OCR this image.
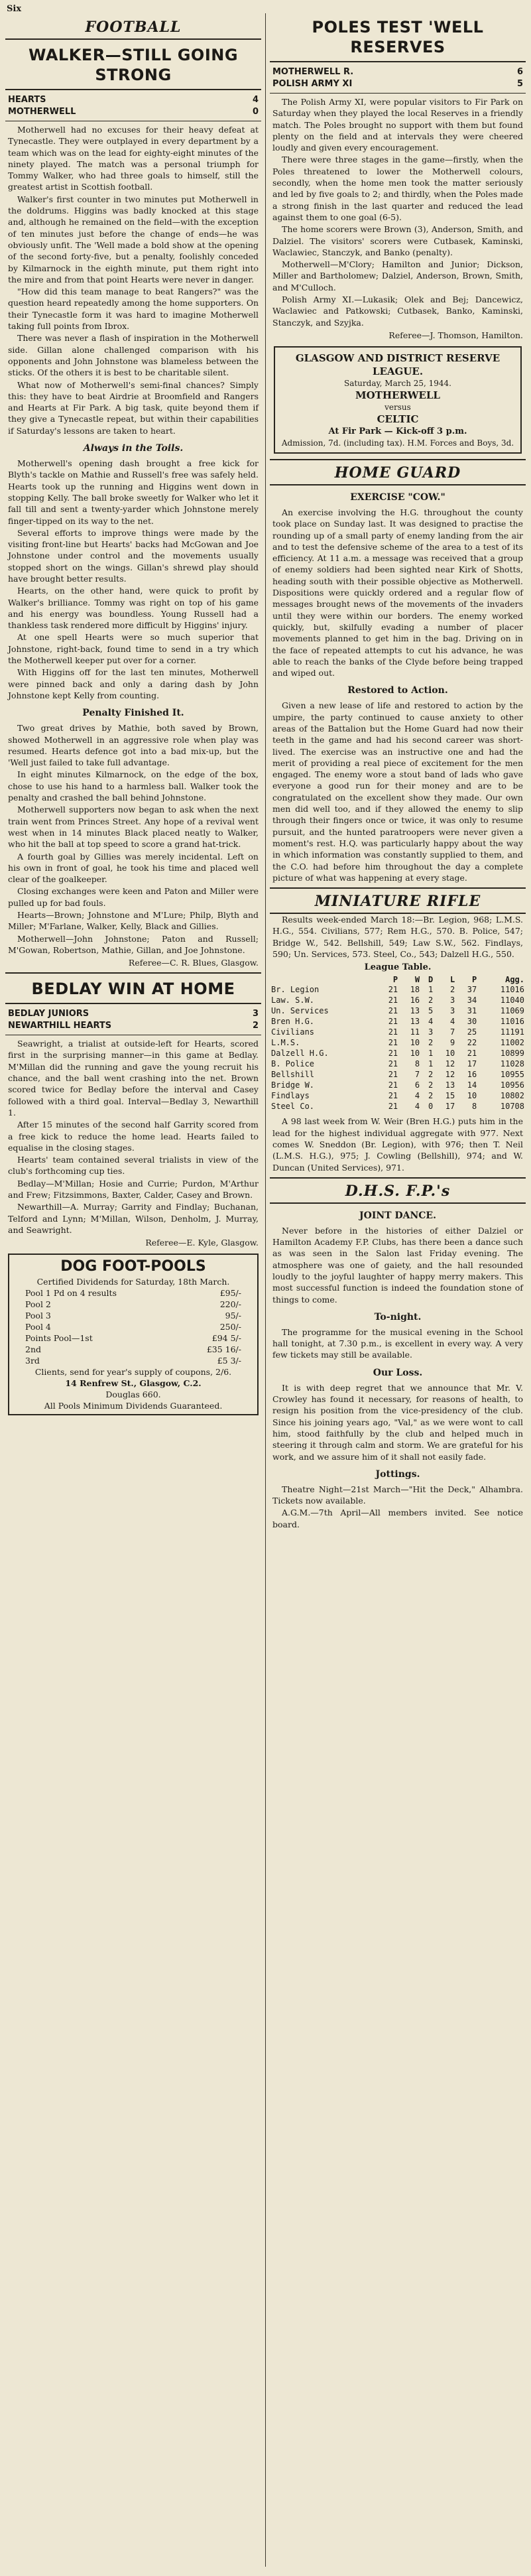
Six
FOOTBALL
WALKER—STILL GOING STRONG
HEARTS	4
MOTHERWELL	0

Motherwell had no excuses for their heavy defeat at Tynecastle. They were outplayed in every department by a team which was on the lead for eighty-eight minutes of the ninety played. The match was a personal triumph for Tommy Walker, who had three goals to himself, still the greatest artist in Scottish football.

Walker's first counter in two minutes put Motherwell in the doldrums. Higgins was badly knocked at this stage and, although he remained on the field—with the exception of ten minutes just before the change of ends—he was obviously unfit. The 'Well made a bold show at the opening of the second forty-five, but a penalty, foolishly conceded by Kilmarnock in the eighth minute, put them right into the mire and from that point Hearts were never in danger.

"How did this team manage to beat Rangers?" was the question heard repeatedly among the home supporters. On their Tynecastle form it was hard to imagine Motherwell taking full points from Ibrox.

There was never a flash of inspiration in the Motherwell side. Gillan alone challenged comparison with his opponents and John Johnstone was blameless between the sticks. Of the others it is best to be charitable silent.

What now of Motherwell's semi-final chances? Simply this: they have to beat Airdrie at Broomfield and Rangers and Hearts at Fir Park. A big task, quite beyond them if they give a Tynecastle repeat, but within their capabilities if Saturday's lessons are taken to heart.

Always in the Toils.

Motherwell's opening dash brought a free kick for Blyth's tackle on Mathie and Russell's free was safely held. Hearts took up the running and Higgins went down in stopping Kelly. The ball broke sweetly for Walker who let it fall till and sent a twenty-yarder which Johnstone merely finger-tipped on its way to the net.

Several efforts to improve things were made by the visiting front-line but Hearts' backs had McGowan and Joe Johnstone under control and the movements usually stopped short on the wings. Gillan's shrewd play should have brought better results.

Hearts, on the other hand, were quick to profit by Walker's brilliance. Tommy was right on top of his game and his energy was boundless. Young Russell had a thankless task rendered more difficult by Higgins' injury.

At one spell Hearts were so much superior that Johnstone, right-back, found time to send in a try which the Motherwell keeper put over for a corner.

With Higgins off for the last ten minutes, Motherwell were pinned back and only a daring dash by John Johnstone kept Kelly from counting.

Penalty Finished It.

Two great drives by Mathie, both saved by Brown, showed Motherwell in an aggressive role when play was resumed. Hearts defence got into a bad mix-up, but the 'Well just failed to take full advantage.

In eight minutes Kilmarnock, on the edge of the box, chose to use his hand to a harmless ball. Walker took the penalty and crashed the ball behind Johnstone.

Motherwell supporters now began to ask when the next train went from Princes Street. Any hope of a revival went west when in 14 minutes Black placed neatly to Walker, who hit the ball at top speed to score a grand hat-trick.

A fourth goal by Gillies was merely incidental. Left on his own in front of goal, he took his time and placed well clear of the goalkeeper.

Closing exchanges were keen and Paton and Miller were pulled up for bad fouls.

Hearts—Brown; Johnstone and M'Lure; Philp, Blyth and Miller; M'Farlane, Walker, Kelly, Black and Gillies.

Motherwell—John Johnstone; Paton and Russell; M'Gowan, Robertson, Mathie, Gillan, and Joe Johnstone.

Referee—C. R. Blues, Glasgow.
BEDLAY WIN AT HOME
BEDLAY JUNIORS	3
NEWARTHILL HEARTS	2

Seawright, a trialist at outside-left for Hearts, scored first in the surprising manner—in this game at Bedlay. M'Millan did the running and gave the young recruit his chance, and the ball went crashing into the net. Brown scored twice for Bedlay before the interval and Casey followed with a third goal. Interval—Bedlay 3, Newarthill 1.

After 15 minutes of the second half Garrity scored from a free kick to reduce the home lead. Hearts failed to equalise in the closing stages.

Hearts' team contained several trialists in view of the club's forthcoming cup ties.

Bedlay—M'Millan; Hosie and Currie; Purdon, M'Arthur and Frew; Fitzsimmons, Baxter, Calder, Casey and Brown.

Newarthill—A. Murray; Garrity and Findlay; Buchanan, Telford and Lynn; M'Millan, Wilson, Denholm, J. Murray, and Seawright.

Referee—E. Kyle, Glasgow.
DOG FOOT-POOLS
Certified Dividends for Saturday, 18th March.
Pool 1 Pd on 4 results	£95/-
Pool 2	220/-
Pool 3	95/-
Pool 4	250/-
Points Pool—1st	£94 5/-
2nd	£35 16/-
3rd	£5 3/-
Clients, send for year's supply of coupons, 2/6.
14 Renfrew St., Glasgow, C.2.
Douglas 660.
All Pools Minimum Dividends Guaranteed.
POLES TEST 'WELL RESERVES
MOTHERWELL R.	6
POLISH ARMY XI	5

The Polish Army XI, were popular visitors to Fir Park on Saturday when they played the local Reserves in a friendly match. The Poles brought no support with them but found plenty on the field and at intervals they were cheered loudly and given every encouragement.

There were three stages in the game—firstly, when the Poles threatened to lower the Motherwell colours, secondly, when the home men took the matter seriously and led by five goals to 2; and thirdly, when the Poles made a strong finish in the last quarter and reduced the lead against them to one goal (6-5).

The home scorers were Brown (3), Anderson, Smith, and Dalziel. The visitors' scorers were Cutbasek, Kaminski, Waclawiec, Stanczyk, and Banko (penalty).

Motherwell—M'Clory; Hamilton and Junior; Dickson, Miller and Bartholomew; Dalziel, Anderson, Brown, Smith, and M'Culloch.

Polish Army XI.—Lukasik; Olek and Bej; Dancewicz, Waclawiec and Patkowski; Cutbasek, Banko, Kaminski, Stanczyk, and Szyjka.

Referee—J. Thomson, Hamilton.
GLASGOW AND DISTRICT RESERVE LEAGUE.
Saturday, March 25, 1944.
MOTHERWELL
versus
CELTIC
At Fir Park — Kick-off 3 p.m.
Admission, 7d. (including tax). H.M. Forces and Boys, 3d.
HOME GUARD
EXERCISE "COW."

An exercise involving the H.G. throughout the county took place on Sunday last. It was designed to practise the rounding up of a small party of enemy landing from the air and to test the defensive scheme of the area to a test of its efficiency. At 11 a.m. a message was received that a group of enemy soldiers had been sighted near Kirk of Shotts, heading south with their possible objective as Motherwell. Dispositions were quickly ordered and a regular flow of messages brought news of the movements of the invaders until they were within our borders. The enemy worked quickly, but, skilfully evading a number of placer movements planned to get him in the bag. Driving on in the face of repeated attempts to cut his advance, he was able to reach the banks of the Clyde before being trapped and wiped out.

Restored to Action.

Given a new lease of life and restored to action by the umpire, the party continued to cause anxiety to other areas of the Battalion but the Home Guard had now their teeth in the game and had his second career was short-lived. The exercise was an instructive one and had the merit of providing a real piece of excitement for the men engaged. The enemy wore a stout band of lads who gave everyone a good run for their money and are to be congratulated on the excellent show they made. Our own men did well too, and if they allowed the enemy to slip through their fingers once or twice, it was only to resume pursuit, and the hunted paratroopers were never given a moment's rest. H.Q. was particularly happy about the way in which information was constantly supplied to them, and the C.O. had before him throughout the day a complete picture of what was happening at every stage.

MINIATURE RIFLE

Results week-ended March 18:—Br. Legion, 968; L.M.S. H.G., 554. Civilians, 577; Rem H.G., 570. B. Police, 547; Bridge W., 542. Bellshill, 549; Law S.W., 562. Findlays, 590; Un. Services, 573. Steel, Co., 543; Dalzell H.G., 550.

League Table.
	P	W	D	L	P	Agg.
Br. Legion	21	18	1	2	37	11016
Law. S.W.	21	16	2	3	34	11040
Un. Services	21	13	5	3	31	11069
Bren H.G.	21	13	4	4	30	11016
Civilians	21	11	3	7	25	11191
L.M.S.	21	10	2	9	22	11002
Dalzell H.G.	21	10	1	10	21	10899
B. Police	21	8	1	12	17	11028
Bellshill	21	7	2	12	16	10955
Bridge W.	21	6	2	13	14	10956
Findlays	21	4	2	15	10	10802
Steel Co.	21	4	0	17	8	10708

A 98 last week from W. Weir (Bren H.G.) puts him in the lead for the highest individual aggregate with 977. Next comes W. Sneddon (Br. Legion), with 976; then T. Neil (L.M.S. H.G.), 975; J. Cowling (Bellshill), 974; and W. Duncan (United Services), 971.

D.H.S. F.P.'s
JOINT DANCE.

Never before in the histories of either Dalziel or Hamilton Academy F.P. Clubs, has there been a dance such as was seen in the Salon last Friday evening. The atmosphere was one of gaiety, and the hall resounded loudly to the joyful laughter of happy merry makers. This most successful function is indeed the foundation stone of things to come.

To-night.

The programme for the musical evening in the School hall tonight, at 7.30 p.m., is excellent in every way. A very few tickets may still be available.

Our Loss.

It is with deep regret that we announce that Mr. V. Crowley has found it necessary, for reasons of health, to resign his position from the vice-presidency of the club. Since his joining years ago, "Val," as we were wont to call him, stood faithfully by the club and helped much in steering it through calm and storm. We are grateful for his work, and we assure him of it shall not easily fade.

Jottings.

Theatre Night—21st March—"Hit the Deck," Alhambra. Tickets now available.

A.G.M.—7th April—All members invited. See notice board.
